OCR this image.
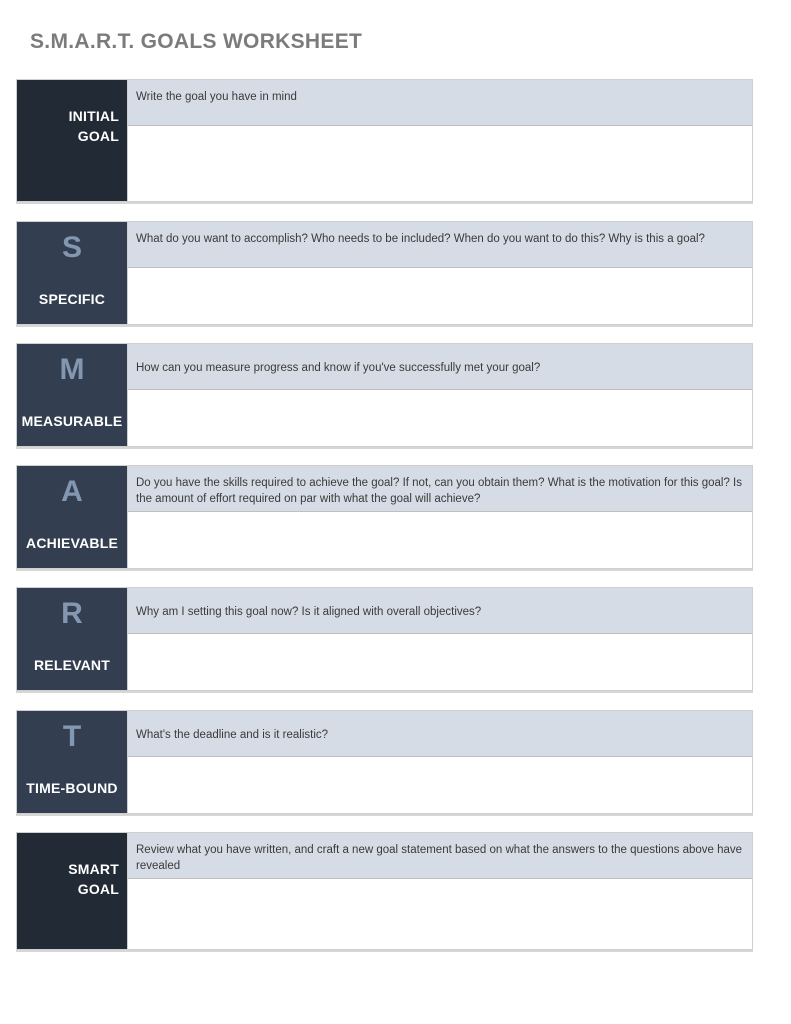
S.M.A.R.T. GOALS WORKSHEET
INITIAL
GOAL
Write the goal you have in mind
S
SPECIFIC
What do you want to accomplish? Who needs to be included? When do you want to do this? Why is this a goal?
M
MEASURABLE
How can you measure progress and know if you've successfully met your goal?
A
ACHIEVABLE
Do you have the skills required to achieve the goal? If not, can you obtain them? What is the motivation for this goal? Is the amount of effort required on par with what the goal will achieve?
R
RELEVANT
Why am I setting this goal now? Is it aligned with overall objectives?
T
TIME-BOUND
What's the deadline and is it realistic?
SMART
GOAL
Review what you have written, and craft a new goal statement based on what the answers to the questions above have revealed
